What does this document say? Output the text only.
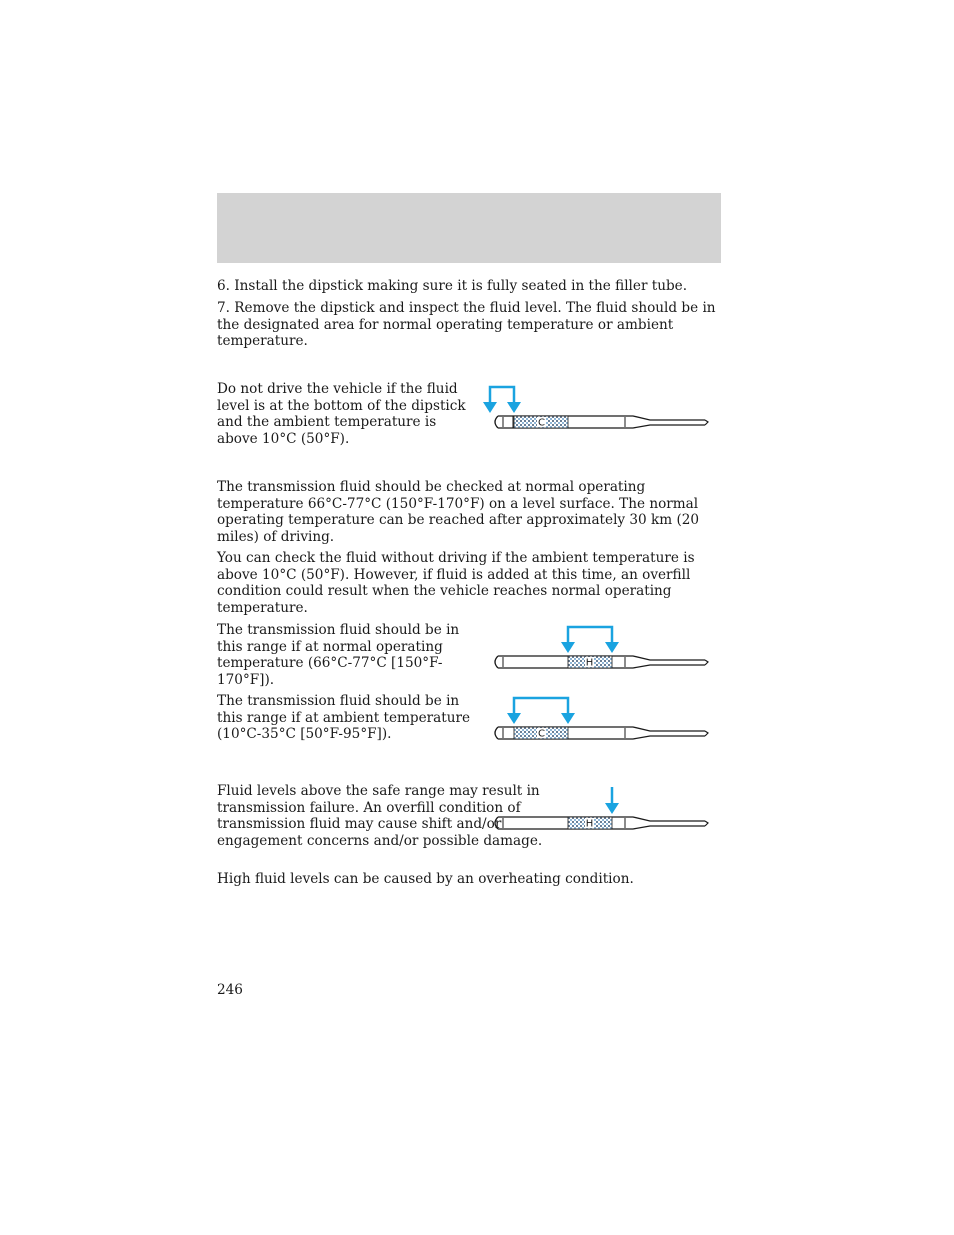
6. Install the dipstick making sure it is fully seated in the filler tube.

7. Remove the dipstick and inspect the fluid level. The fluid should be in the designated area for normal operating temperature or ambient temperature.

Do not drive the vehicle if the fluid level is at the bottom of the dipstick and the ambient temperature is above 10°C (50°F).

C

The transmission fluid should be checked at normal operating temperature 66°C-77°C (150°F-170°F) on a level surface. The normal operating temperature can be reached after approximately 30 km (20 miles) of driving.

You can check the fluid without driving if the ambient temperature is above 10°C (50°F). However, if fluid is added at this time, an overfill condition could result when the vehicle reaches normal operating temperature.

The transmission fluid should be in this range if at normal operating temperature (66°C-77°C [150°F-170°F]).

H

The transmission fluid should be in this range if at ambient temperature (10°C-35°C [50°F-95°F]).	C

Fluid levels above the safe range may result in transmission failure. An overfill condition of transmission fluid may cause shift and/or engagement concerns and/or possible damage.

H

High fluid levels can be caused by an overheating condition.

246
